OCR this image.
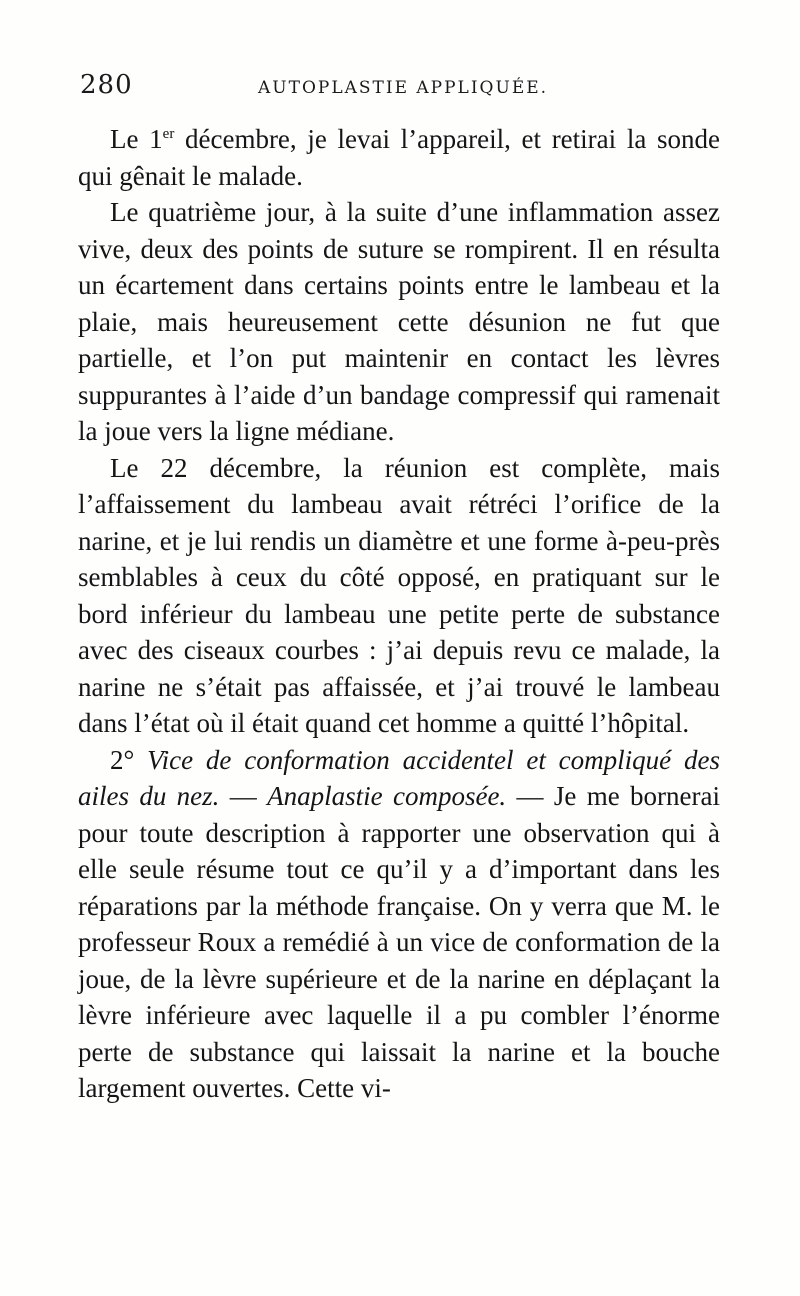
280	AUTOPLASTIE APPLIQUÉE.

Le 1er décembre, je levai l’appareil, et retirai la sonde qui gênait le malade.

Le quatrième jour, à la suite d’une inflammation assez vive, deux des points de suture se rompirent. Il en résulta un écartement dans certains points entre le lambeau et la plaie, mais heureusement cette désunion ne fut que partielle, et l’on put maintenir en contact les lèvres suppurantes à l’aide d’un bandage compressif qui ramenait la joue vers la ligne médiane.

Le 22 décembre, la réunion est complète, mais l’affaissement du lambeau avait rétréci l’orifice de la narine, et je lui rendis un diamètre et une forme à-peu-près semblables à ceux du côté opposé, en pratiquant sur le bord inférieur du lambeau une petite perte de substance avec des ciseaux courbes : j’ai depuis revu ce malade, la narine ne s’était pas affaissée, et j’ai trouvé le lambeau dans l’état où il était quand cet homme a quitté l’hôpital.

2° Vice de conformation accidentel et compliqué des ailes du nez. — Anaplastie composée. — Je me bornerai pour toute description à rapporter une observation qui à elle seule résume tout ce qu’il y a d’important dans les réparations par la méthode française. On y verra que M. le professeur Roux a remédié à un vice de conformation de la joue, de la lèvre supérieure et de la narine en déplaçant la lèvre inférieure avec laquelle il a pu combler l’énorme perte de substance qui laissait la narine et la bouche largement ouvertes. Cette vi-
